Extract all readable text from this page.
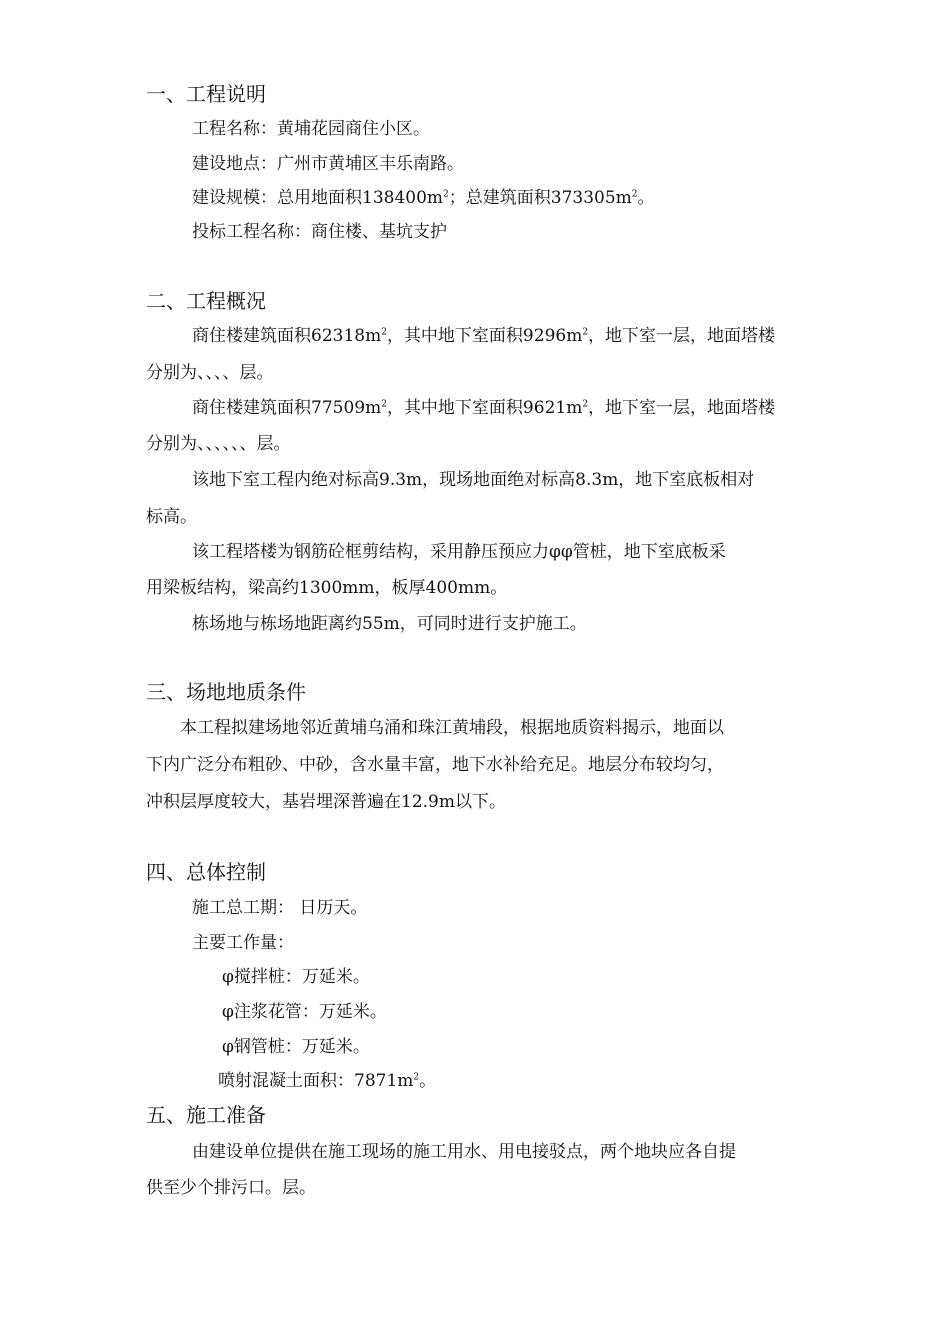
一、工程说明
工程名称：黄埔花园商住小区。
建设地点：广州市黄埔区丰乐南路。
建设规模：总用地面积$138400m^2$；总建筑面积$373305m^2$。
投标工程名称：商住楼、基坑支护
二、工程概况
商住楼建筑面积$62318m^2$，其中地下室面积$9296m^2$，地下室一层，地面塔楼
分别为、、、、层。
商住楼建筑面积$77509m^2$，其中地下室面积$9621m^2$，地下室一层，地面塔楼
分别为、、、、、、层。
该地下室工程内绝对标高9.3m，现场地面绝对标高8.3m，地下室底板相对
标高。
该工程塔楼为钢筋砼框剪结构，采用静压预应力φφ管桩，地下室底板采
用梁板结构，梁高约1300mm，板厚400mm。
栋场地与栋场地距离约55m，可同时进行支护施工。
三、场地地质条件
本工程拟建场地邻近黄埔乌涌和珠江黄埔段，根据地质资料揭示，地面以
下内广泛分布粗砂、中砂，含水量丰富，地下水补给充足。地层分布较均匀，
冲积层厚度较大，基岩埋深普遍在12.9m以下。
四、总体控制
施工总工期： 日历天。
主要工作量：
φ搅拌桩：万延米。
φ注浆花管：万延米。
φ钢管桩：万延米。
喷射混凝土面积：$7871m^2$。
五、施工准备
由建设单位提供在施工现场的施工用水、用电接驳点，两个地块应各自提
供至少个排污口。层。
